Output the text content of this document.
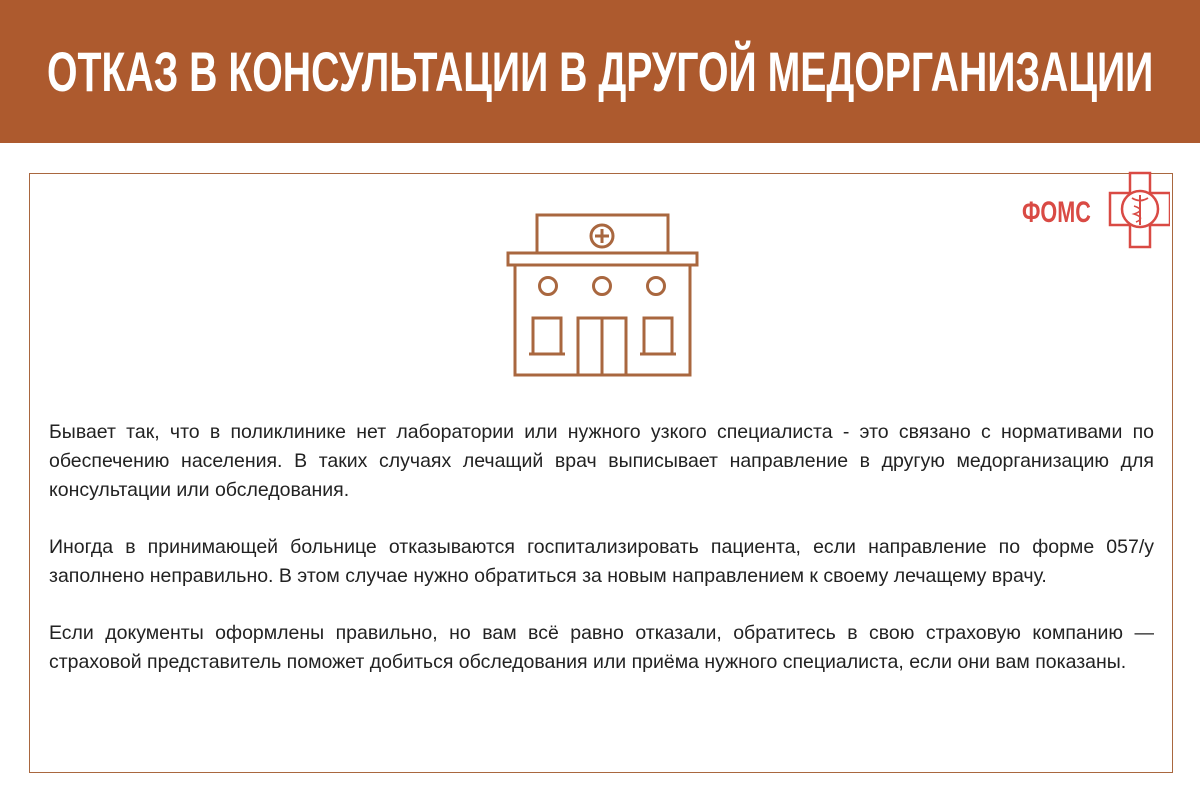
ОТКАЗ В КОНСУЛЬТАЦИИ В ДРУГОЙ МЕДОРГАНИЗАЦИИ
ФОМС

Бывает так, что в поликлинике нет лаборатории или нужного узкого специалиста - это связано с нормативами по обеспечению населения. В таких случаях лечащий врач выписывает направление в другую медорганизацию для консультации или обследования.

Иногда в принимающей больнице отказываются госпитализировать пациента, если направление по форме 057/у заполнено неправильно. В этом случае нужно обратиться за новым направлением к своему лечащему врачу.

Если документы оформлены правильно, но вам всё равно отказали, обратитесь в свою страховую компанию — страховой представитель поможет добиться обследования или приёма нужного специалиста, если они вам показаны.
